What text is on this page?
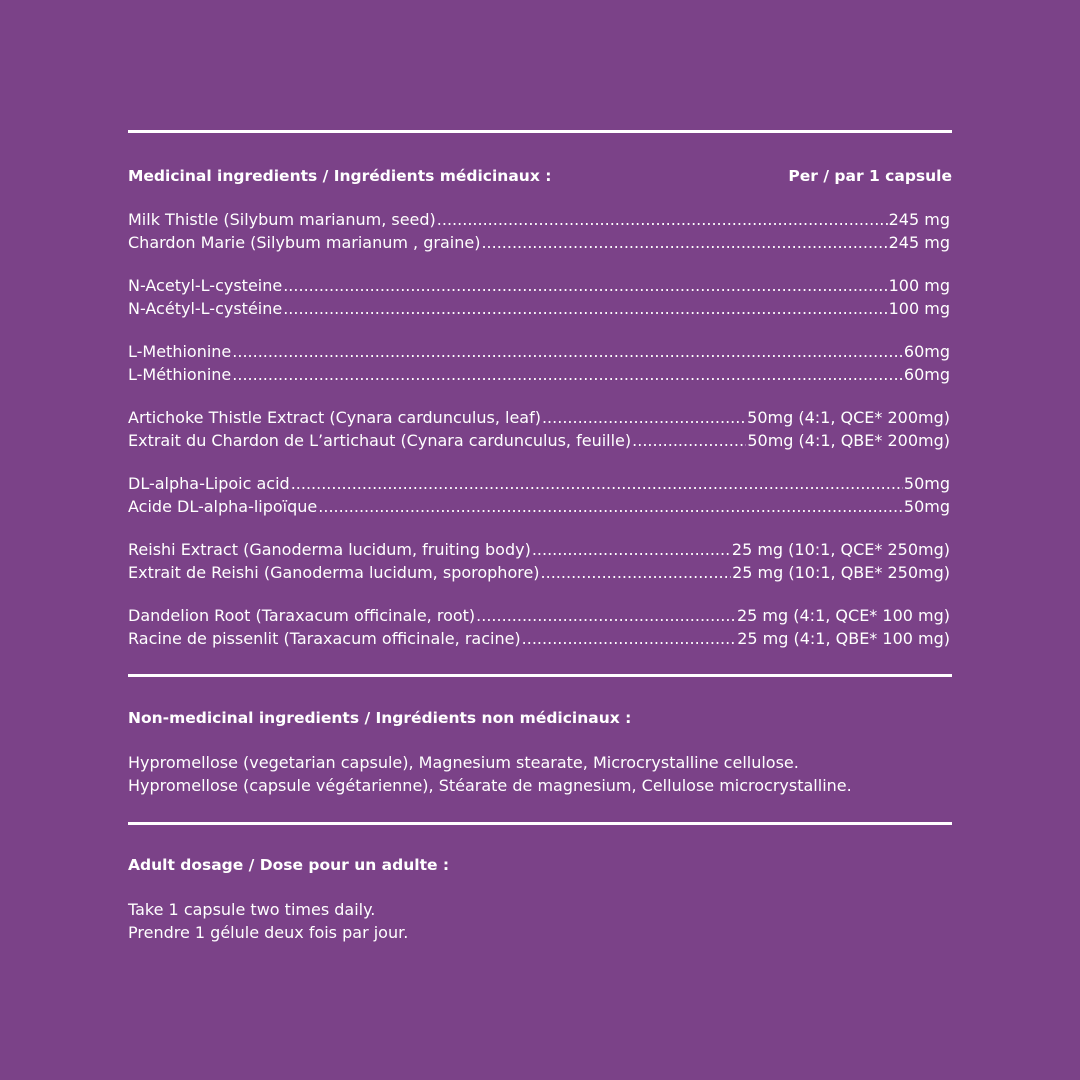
Medicinal ingredients / Ingrédients médicinaux :	Per / par 1 capsule
Milk Thistle (Silybum marianum, seed) .....	245 mg
Chardon Marie (Silybum marianum , graine) .....	245 mg
N-Acetyl-L-cysteine .....	100 mg
N-Acétyl-L-cystéine .....	100 mg
L-Methionine .....	60mg
L-Méthionine .....	60mg
Artichoke Thistle Extract (Cynara cardunculus, leaf) .....	50mg (4:1, QCE* 200mg)
Extrait du Chardon de L’artichaut (Cynara cardunculus, feuille) .....	50mg (4:1, QBE* 200mg)
DL-alpha-Lipoic acid .....	50mg
Acide DL-alpha-lipoïque .....	50mg
Reishi Extract (Ganoderma lucidum, fruiting body) .....	25 mg (10:1, QCE* 250mg)
Extrait de Reishi (Ganoderma lucidum, sporophore) .....	25 mg (10:1, QBE* 250mg)
Dandelion Root (Taraxacum officinale, root) .....	25 mg (4:1, QCE* 100 mg)
Racine de pissenlit (Taraxacum officinale, racine) .....	25 mg (4:1, QBE* 100 mg)
Non-medicinal ingredients / Ingrédients non médicinaux :
Hypromellose (vegetarian capsule), Magnesium stearate, Microcrystalline cellulose.
Hypromellose (capsule végétarienne), Stéarate de magnesium, Cellulose microcrystalline.
Adult dosage / Dose pour un adulte :
Take 1 capsule two times daily.
Prendre 1 gélule deux fois par jour.
